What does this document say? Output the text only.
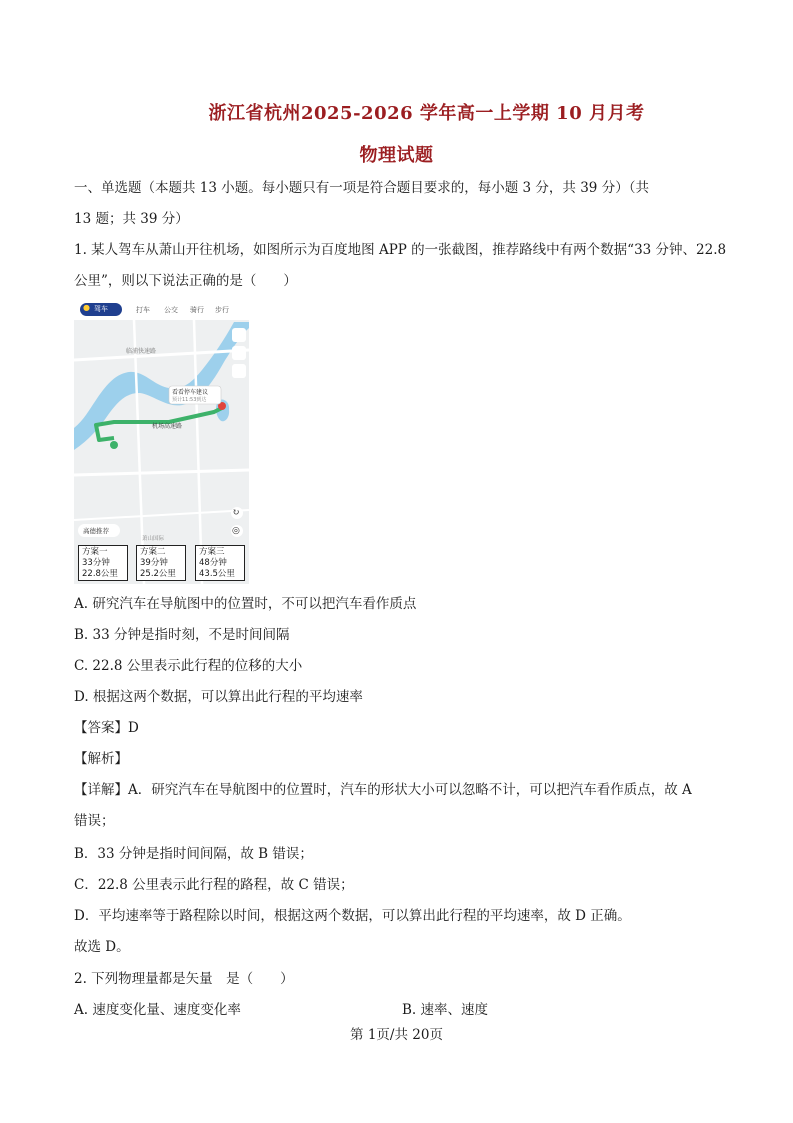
浙江省杭州2025-2026 学年高一上学期 10 月月考
物理试题
一、单选题（本题共 13 小题。每小题只有一项是符合题目要求的，每小题 3 分，共 39 分）（共
13 题；共 39 分）
1. 某人驾车从萧山开往机场，如图所示为百度地图 APP 的一张截图，推荐路线中有两个数据“33 分钟、22.8
公里”，则以下说法正确的是（　　）
驾车	打车 公交 骑行 步行
临浦快速路
机场高速路
看看停车建议
预计11:53到达
高德推荐
萧山国际
◎
↻
●
方案一
33分钟
22.8公里
方案二
39分钟
25.2公里
方案三
48分钟
43.5公里
A. 研究汽车在导航图中的位置时，不可以把汽车看作质点
B. 33 分钟是指时刻，不是时间间隔
C. 22.8 公里表示此行程的位移的大小
D. 根据这两个数据，可以算出此行程的平均速率
【答案】D
【解析】
【详解】A．研究汽车在导航图中的位置时，汽车的形状大小可以忽略不计，可以把汽车看作质点，故 A
错误；
B．33 分钟是指时间间隔，故 B 错误；
C．22.8 公里表示此行程的路程，故 C 错误；
D．平均速率等于路程除以时间，根据这两个数据，可以算出此行程的平均速率，故 D 正确。
故选 D。
2. 下列物理量都是矢量　是（　　）
A. 速度变化量、速度变化率	B. 速率、速度
第 1页/共 20页
